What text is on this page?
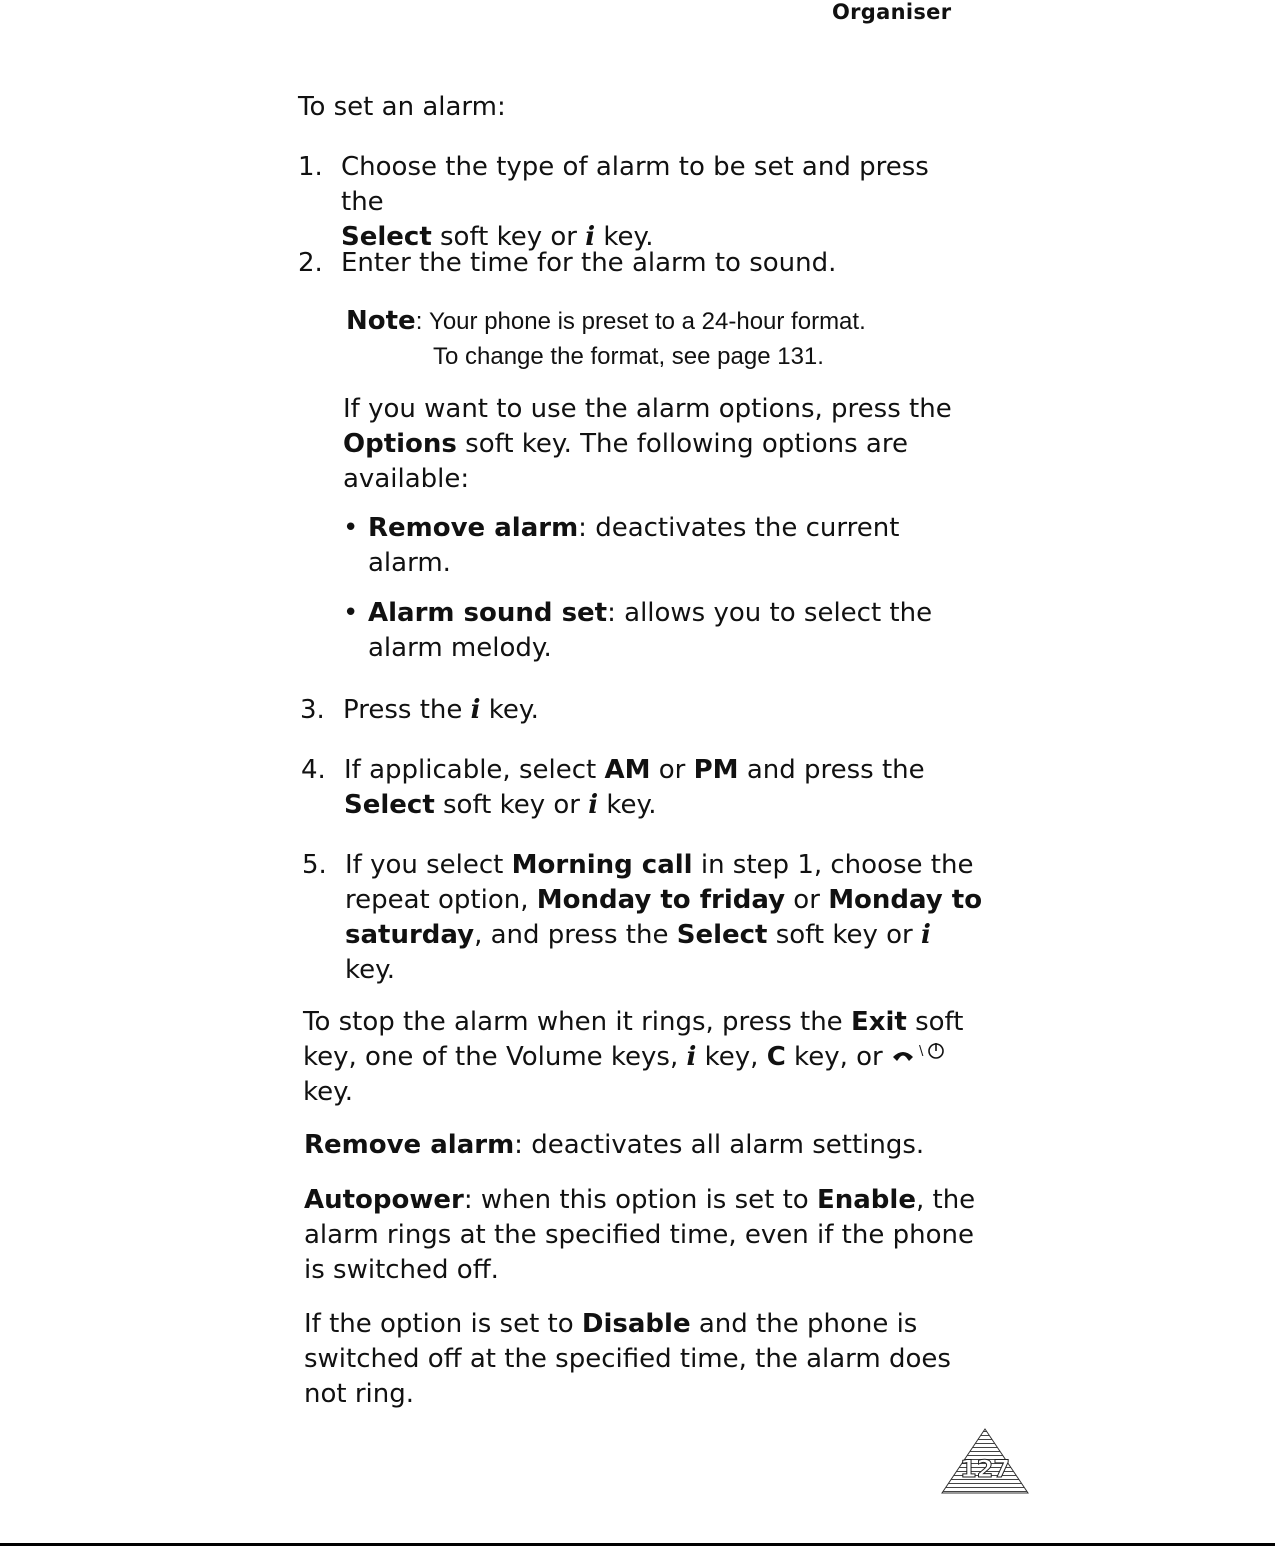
Organiser
To set an alarm:
1. Choose the type of alarm to be set and press the
Select soft key or i key.
2. Enter the time for the alarm to sound.
Note: Your phone is preset to a 24-hour format.
To change the format, see page 131.
If you want to use the alarm options, press the
Options soft key. The following options are
available:
• Remove alarm: deactivates the current
alarm.
• Alarm sound set: allows you to select the
alarm melody.
3. Press the i key.
4. If applicable, select AM or PM and press the
Select soft key or i key.
5. If you select Morning call in step 1, choose the
repeat option, Monday to friday or Monday to
saturday, and press the Select soft key or i
key.
To stop the alarm when it rings, press the Exit soft
key, one of the Volume keys, i key, C key, or \
key.
Remove alarm: deactivates all alarm settings.
Autopower: when this option is set to Enable, the
alarm rings at the specified time, even if the phone
is switched off.
If the option is set to Disable and the phone is
switched off at the specified time, the alarm does
not ring.
127
